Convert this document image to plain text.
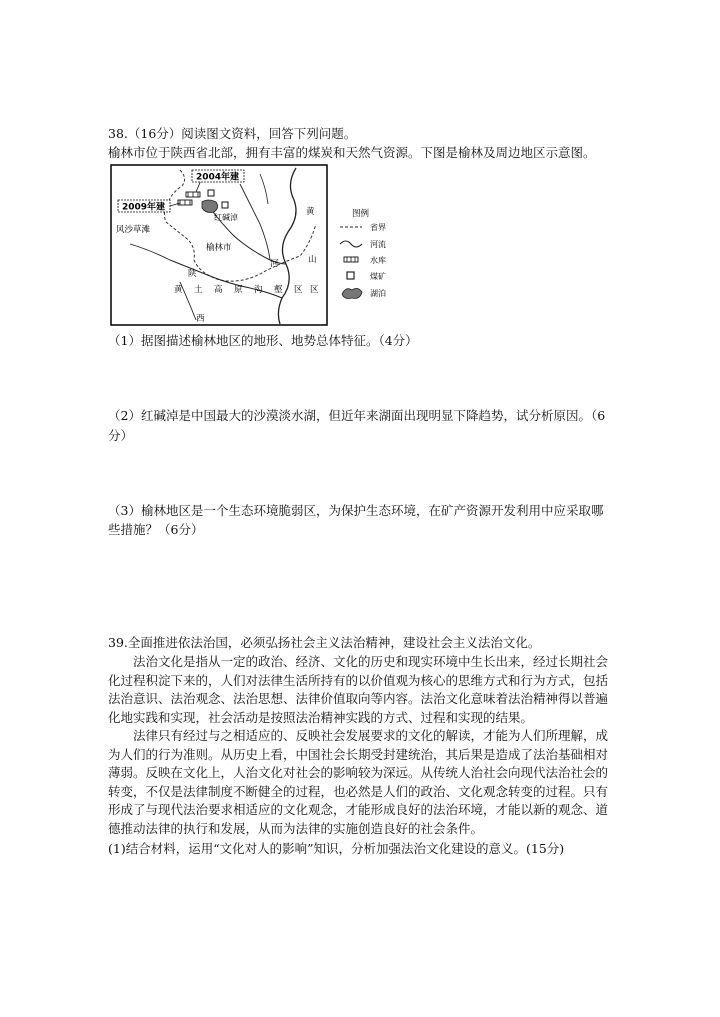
38.（16分）阅读图文资料，回答下列问题。
榆林市位于陕西省北部，拥有丰富的煤炭和天然气资源。下图是榆林及周边地区示意图。
2004年建
2009年建
红碱淖
风沙草滩
榆林市
陕
西
黄
河	山
区
黄 土 高 原 沟 壑 区
图例
省界
河流
水库
煤矿
湖泊
（1）据图描述榆林地区的地形、地势总体特征。（4分）
（2）红碱淖是中国最大的沙漠淡水湖，但近年来湖面出现明显下降趋势，试分析原因。（6
分）
（3）榆林地区是一个生态环境脆弱区，为保护生态环境，在矿产资源开发利用中应采取哪
些措施？（6分）
39.全面推进依法治国，必须弘扬社会主义法治精神，建设社会主义法治文化。
法治文化是指从一定的政治、经济、文化的历史和现实环境中生长出来，经过长期社会化过程积淀下来的，人们对法律生活所持有的以价值观为核心的思维方式和行为方式，包括法治意识、法治观念、法治思想、法律价值取向等内容。法治文化意味着法治精神得以普遍化地实践和实现，社会活动是按照法治精神实践的方式、过程和实现的结果。
法律只有经过与之相适应的、反映社会发展要求的文化的解读，才能为人们所理解，成为人们的行为准则。从历史上看，中国社会长期受封建统治，其后果是造成了法治基础相对薄弱。反映在文化上，人治文化对社会的影响较为深远。从传统人治社会向现代法治社会的转变，不仅是法律制度不断健全的过程，也必然是人们的政治、文化观念转变的过程。只有形成了与现代法治要求相适应的文化观念，才能形成良好的法治环境，才能以新的观念、道德推动法律的执行和发展，从而为法律的实施创造良好的社会条件。
(1)结合材料，运用“文化对人的影响”知识，分析加强法治文化建设的意义。(15分)
